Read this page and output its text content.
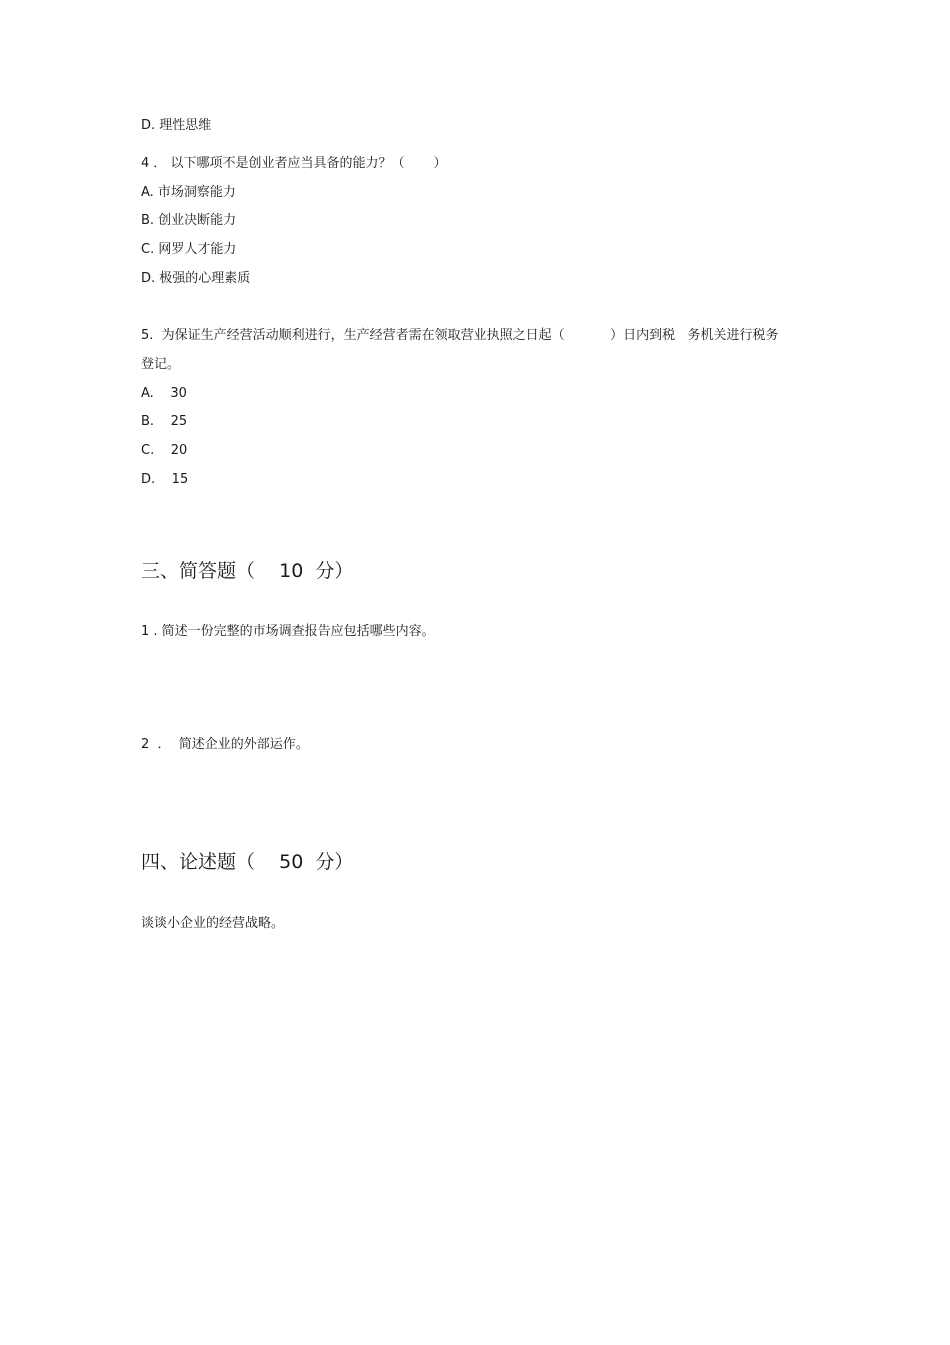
D. 理性思维
4 ． 以下哪项不是创业者应当具备的能力？（       ）
A. 市场洞察能力
B. 创业决断能力
C. 网罗人才能力
D. 极强的心理素质
5.  为保证生产经营活动顺利进行，生产经营者需在领取营业执照之日起（           ）日内到税   务机关进行税务
登记。
A.    30
B.    25
C.    20
D.    15
三、简答题（    10  分）
1 . 简述一份完整的市场调查报告应包括哪些内容。
2  ．  简述企业的外部运作。
四、论述题（    50  分）
谈谈小企业的经营战略。
